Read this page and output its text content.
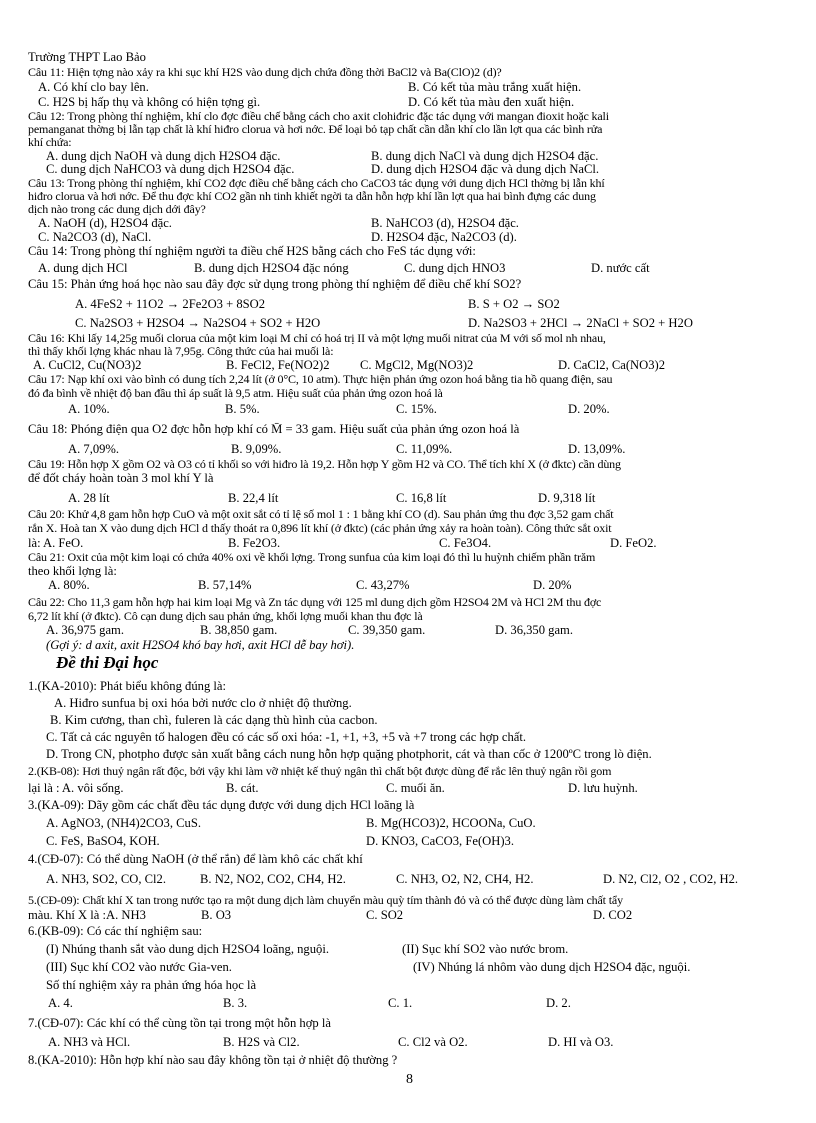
Trường THPT Lao Bảo
Câu 11: Hiện tợng nào xảy ra khi sục khí H2S vào dung dịch chứa đồng thời BaCl2 và Ba(ClO)2 (d)?
A. Có khí clo bay lên.	B. Có kết tủa màu trắng xuất hiện.
C. H2S bị hấp thụ và không có hiện tợng gì.	D. Có kết tủa màu đen xuất hiện.
Câu 12: Trong phòng thí nghiệm, khí clo đợc điều chế bằng cách cho axit clohiđric đặc tác dụng với mangan đioxit hoặc kali
pemanganat thờng bị lẫn tạp chất là khí hiđro clorua và hơi nớc. Để loại bỏ tạp chất cần dẫn khí clo lần lợt qua các bình rửa
khí chứa:
A. dung dịch NaOH và dung dịch H2SO4 đặc.	B. dung dịch NaCl và dung dịch H2SO4 đặc.
C. dung dịch NaHCO3 và dung dịch H2SO4 đặc.	D. dung dịch H2SO4 đặc và dung dịch NaCl.
Câu 13: Trong phòng thí nghiệm, khí CO2 đợc điều chế bằng cách cho CaCO3 tác dụng với dung dịch HCl thờng bị lẫn khí
hiđro clorua và hơi nớc. Để thu đợc khí CO2 gần nh tinh khiết ngời ta dẫn hỗn hợp khí lần lợt qua hai bình đựng các dung
dịch nào trong các dung dịch dới đây?
A. NaOH (d), H2SO4 đặc.	B. NaHCO3 (d), H2SO4 đặc.
C. Na2CO3 (d), NaCl.	D. H2SO4 đặc, Na2CO3 (d).
Câu 14: Trong phòng thí nghiệm người ta điều chế H2S bằng cách cho FeS tác dụng với:
A. dung dịch HCl	B. dung dịch H2SO4 đặc nóng	C. dung dịch HNO3	D. nước cất
Câu 15: Phản ứng hoá học nào sau đây đợc sử dụng trong phòng thí nghiệm để điều chế khí SO2?
A. 4FeS2 + 11O2 → 2Fe2O3 + 8SO2	B. S + O2 → SO2
C. Na2SO3 + H2SO4 → Na2SO4 + SO2 + H2O	D. Na2SO3 + 2HCl → 2NaCl + SO2 + H2O
Câu 16: Khi lấy 14,25g muối clorua của một kim loại M chỉ có hoá trị II và một lợng muối nitrat của M với số mol nh nhau,
thì thấy khối lợng khác nhau là 7,95g. Công thức của hai muối là:
A. CuCl2, Cu(NO3)2	B. FeCl2, Fe(NO2)2 C. MgCl2, Mg(NO3)2	D. CaCl2, Ca(NO3)2
Câu 17: Nạp khí oxi vào bình có dung tích 2,24 lít (ở 0°C, 10 atm). Thực hiện phản ứng ozon hoá bằng tia hồ quang điện, sau
đó đa bình về nhiệt độ ban đầu thì áp suất là 9,5 atm. Hiệu suất của phản ứng ozon hoá là
A. 10%.	B. 5%.	C. 15%.	D. 20%.
Câu 18: Phóng điện qua O2 đợc hỗn hợp khí có M̄ = 33 gam. Hiệu suất của phản ứng ozon hoá là
A. 7,09%.	B. 9,09%.	C. 11,09%.	D. 13,09%.
Câu 19: Hỗn hợp X gồm O2 và O3 có tỉ khối so với hiđro là 19,2. Hỗn hợp Y gồm H2 và CO. Thể tích khí X (ở đktc) cần dùng
để đốt cháy hoàn toàn 3 mol khí Y là
A. 28 lít	B. 22,4 lít	C. 16,8 lít	D. 9,318 lít
Câu 20: Khử 4,8 gam hỗn hợp CuO và một oxit sắt có tỉ lệ số mol 1 : 1 bằng khí CO (d). Sau phản ứng thu đợc 3,52 gam chất
rắn X. Hoà tan X vào dung dịch HCl d thấy thoát ra 0,896 lít khí (ở đktc) (các phản ứng xảy ra hoàn toàn). Công thức sắt oxit
là: A. FeO.	B. Fe2O3.	C. Fe3O4.	D. FeO2.
Câu 21: Oxit của một kim loại có chứa 40% oxi về khối lợng. Trong sunfua của kim loại đó thì lu huỳnh chiếm phần trăm
theo khối lợng là:
A. 80%.	B. 57,14%	C. 43,27%	D. 20%
Câu 22: Cho 11,3 gam hỗn hợp hai kim loại Mg và Zn tác dụng với 125 ml dung dịch gồm H2SO4 2M và HCl 2M thu đợc
6,72 lít khí (ở đktc). Cô cạn dung dịch sau phản ứng, khối lợng muối khan thu đợc là
A. 36,975 gam.	B. 38,850 gam.	C. 39,350 gam.	D. 36,350 gam.
(Gợi ý: d axit, axit H2SO4 khó bay hơi, axit HCl dễ bay hơi).
Đề thi Đại học
1.(KA-2010): Phát biểu không đúng là:
A. Hiđro sunfua bị oxi hóa bởi nước clo ở nhiệt độ thường.
B. Kim cương, than chì, fuleren là các dạng thù hình của cacbon.
C. Tất cả các nguyên tố halogen đều có các số oxi hóa: -1, +1, +3, +5 và +7 trong các hợp chất.
D. Trong CN, photpho được sản xuất bằng cách nung hỗn hợp quặng photphorit, cát và than cốc ở 1200ºC trong lò điện.
2.(KB-08): Hơi thuỷ ngân rất độc, bởi vậy khi làm vỡ nhiệt kế thuỷ ngân thì chất bột được dùng để rắc lên thuỷ ngân rồi gom
lại là : A. vôi sống.	B. cát.	C. muối ăn.	D. lưu huỳnh.
3.(KA-09): Dãy gồm các chất đều tác dụng được với dung dịch HCl loãng là
A. AgNO3, (NH4)2CO3, CuS.	B. Mg(HCO3)2, HCOONa, CuO.
C. FeS, BaSO4, KOH.	D. KNO3, CaCO3, Fe(OH)3.
4.(CĐ-07): Có thể dùng NaOH (ở thể rắn) để làm khô các chất khí
A. NH3, SO2, CO, Cl2.	B. N2, NO2, CO2, CH4, H2.	C. NH3, O2, N2, CH4, H2.	D. N2, Cl2, O2 , CO2, H2.
5.(CĐ-09): Chất khí X tan trong nước tạo ra một dung dịch làm chuyển màu quỳ tím thành đỏ và có thể được dùng làm chất tẩy
màu. Khí X là :A. NH3	B. O3	C. SO2	D. CO2
6.(KB-09): Có các thí nghiệm sau:
(I) Nhúng thanh sắt vào dung dịch H2SO4 loãng, nguội.	(II) Sục khí SO2 vào nước brom.
(III) Sục khí CO2 vào nước Gia-ven.	(IV) Nhúng lá nhôm vào dung dịch H2SO4 đặc, nguội.
Số thí nghiệm xảy ra phản ứng hóa học là
A. 4.	B. 3.	C. 1.	D. 2.
7.(CĐ-07): Các khí có thể cùng tồn tại trong một hỗn hợp là
A. NH3 và HCl.	B. H2S và Cl2.	C. Cl2 và O2.	D. HI và O3.
8.(KA-2010): Hỗn hợp khí nào sau đây không tồn tại ở nhiệt độ thường ?
8
